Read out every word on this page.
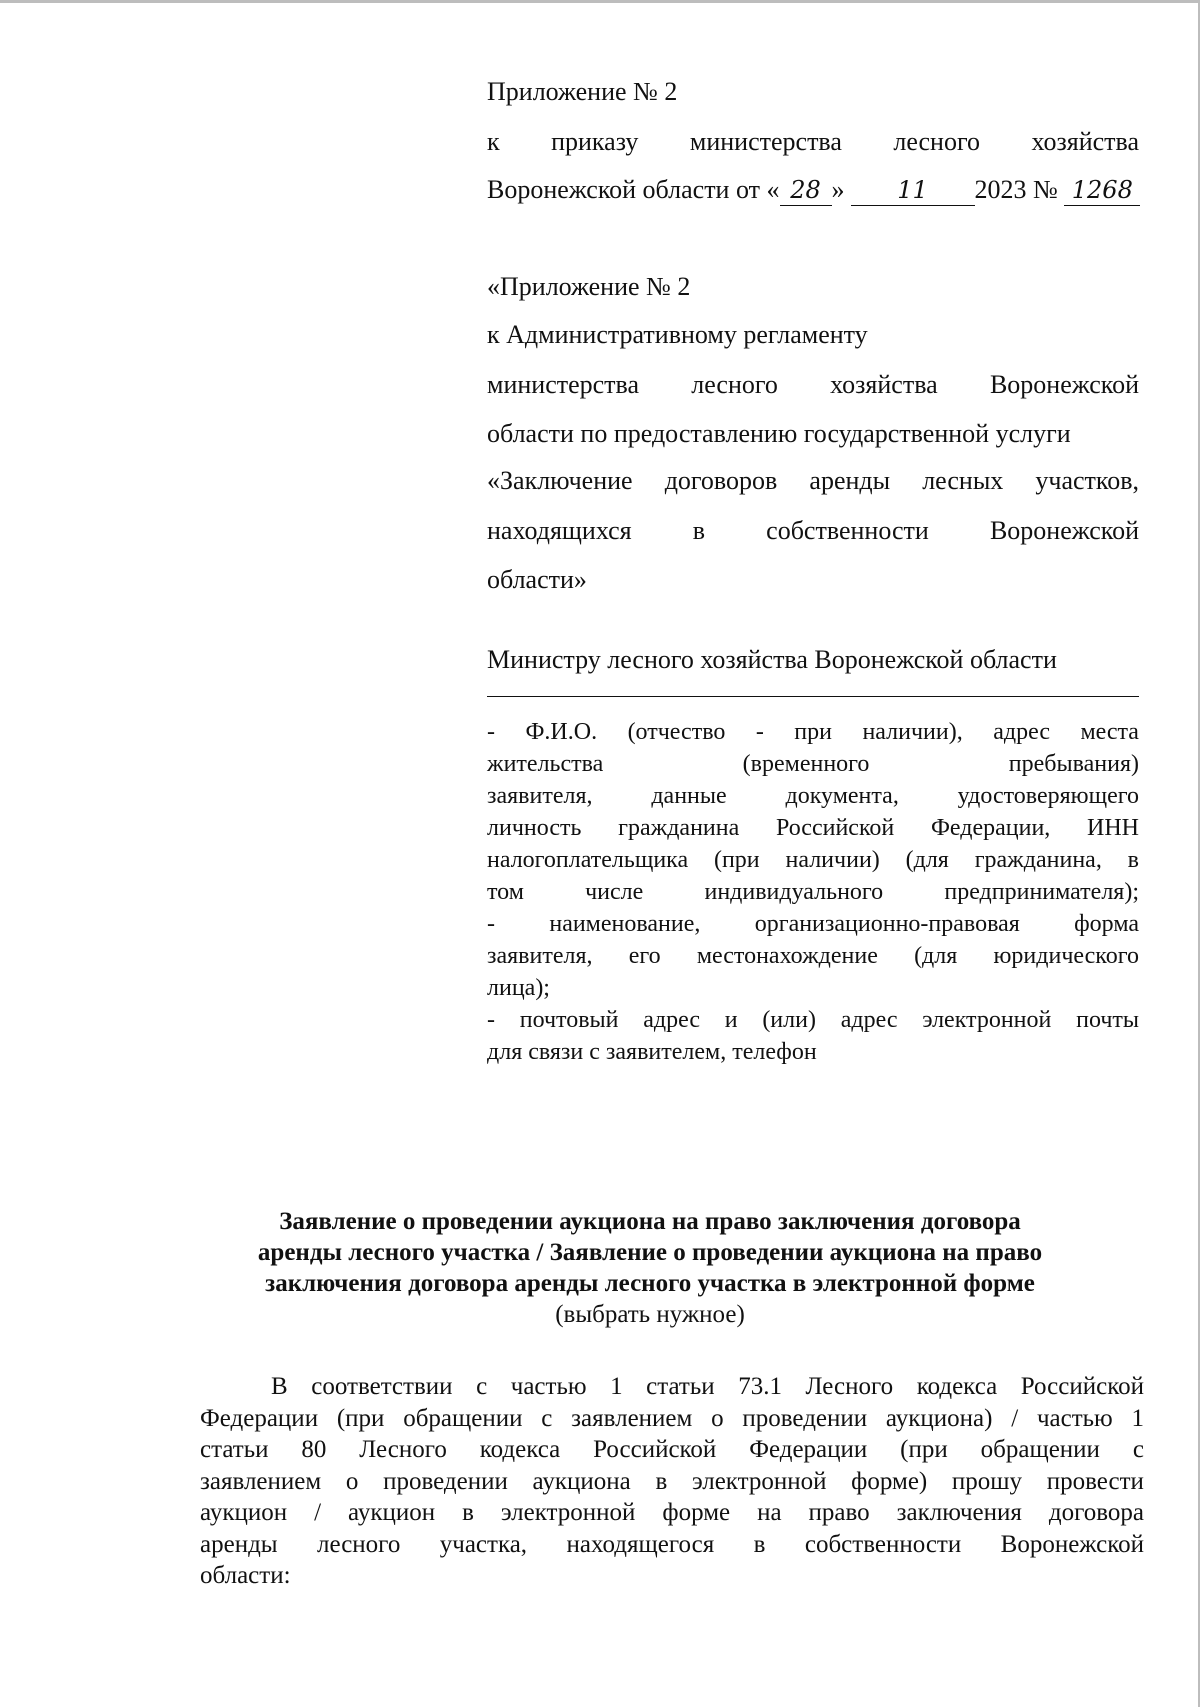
Приложение № 2

к приказу министерства лесного хозяйства

Воронежской области от « 28 » 11 2023 № 1268

«Приложение № 2

к Административному регламенту

министерства лесного хозяйства Воронежской

области по предоставлению государственной услуги

«Заключение договоров аренды лесных участков,
находящихся в собственности Воронежской

области»

Министру лесного хозяйства Воронежской области

- Ф.И.О. (отчество - при наличии), адрес места
жительства	(временного	пребывания)
заявителя, данные документа, удостоверяющего
личность гражданина Российской Федерации, ИНН
налогоплательщика (при наличии) (для гражданина, в
том	числе	индивидуального	предпринимателя);
- наименование, организационно-правовая форма
заявителя, его местонахождение (для юридического
лица);
- почтовый адрес и (или) адрес электронной почты
для связи с заявителем, телефон
Заявление о проведении аукциона на право заключения договора
аренды лесного участка / Заявление о проведении аукциона на право
заключения договора аренды лесного участка в электронной форме
(выбрать нужное)
В соответствии с частью 1 статьи 73.1 Лесного кодекса Российской
Федерации (при обращении с заявлением о проведении аукциона) / частью 1
статьи 80 Лесного кодекса Российской Федерации (при обращении с
заявлением о проведении аукциона в электронной форме) прошу провести
аукцион / аукцион в электронной форме на право заключения договора
аренды лесного участка, находящегося в собственности Воронежской
области:
